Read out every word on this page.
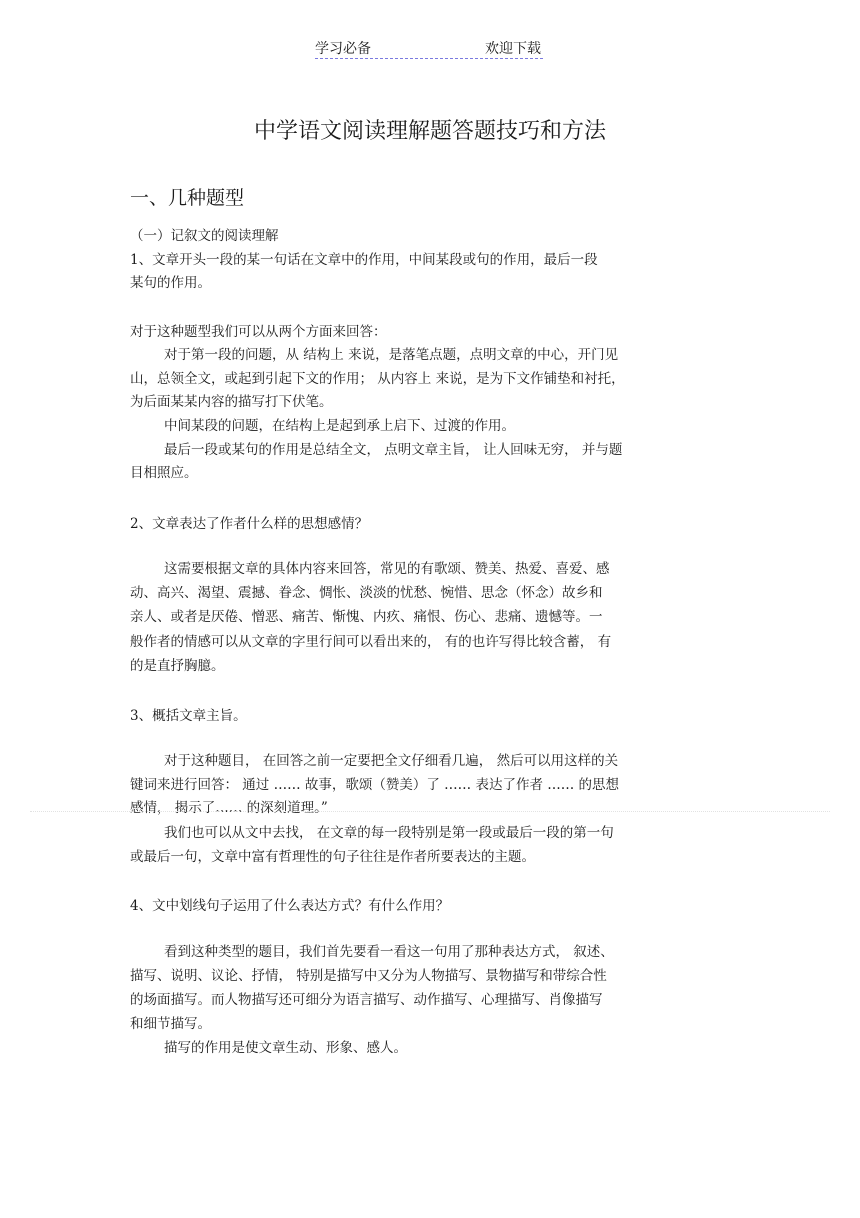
学习必备	欢迎下载
中学语文阅读理解题答题技巧和方法
一、几种题型
（一）记叙文的阅读理解
1、文章开头一段的某一句话在文章中的作用，中间某段或句的作用，最后一段
某句的作用。
对于这种题型我们可以从两个方面来回答：
对于第一段的问题，从 结构上 来说，是落笔点题，点明文章的中心，开门见
山，总领全文，或起到引起下文的作用； 从内容上 来说，是为下文作铺垫和衬托，
为后面某某内容的描写打下伏笔。
中间某段的问题，在结构上是起到承上启下、过渡的作用。
最后一段或某句的作用是总结全文， 点明文章主旨， 让人回味无穷， 并与题
目相照应。
2、文章表达了作者什么样的思想感情？
这需要根据文章的具体内容来回答，常见的有歌颂、赞美、热爱、喜爱、感
动、高兴、渴望、震撼、眷念、惆怅、淡淡的忧愁、惋惜、思念（怀念）故乡和
亲人、或者是厌倦、憎恶、痛苦、惭愧、内疚、痛恨、伤心、悲痛、遗憾等。一
般作者的情感可以从文章的字里行间可以看出来的， 有的也许写得比较含蓄， 有
的是直抒胸臆。
3、概括文章主旨。
对于这种题目， 在回答之前一定要把全文仔细看几遍， 然后可以用这样的关
键词来进行回答： 通过 …… 故事，歌颂（赞美）了 …… 表达了作者 …… 的思想
感情， 揭示了…… 的深刻道理。”
我们也可以从文中去找， 在文章的每一段特别是第一段或最后一段的第一句
或最后一句，文章中富有哲理性的句子往往是作者所要表达的主题。
4、文中划线句子运用了什么表达方式？有什么作用？
看到这种类型的题目，我们首先要看一看这一句用了那种表达方式， 叙述、
描写、说明、议论、抒情， 特别是描写中又分为人物描写、景物描写和带综合性
的场面描写。而人物描写还可细分为语言描写、动作描写、心理描写、肖像描写
和细节描写。
描写的作用是使文章生动、形象、感人。
